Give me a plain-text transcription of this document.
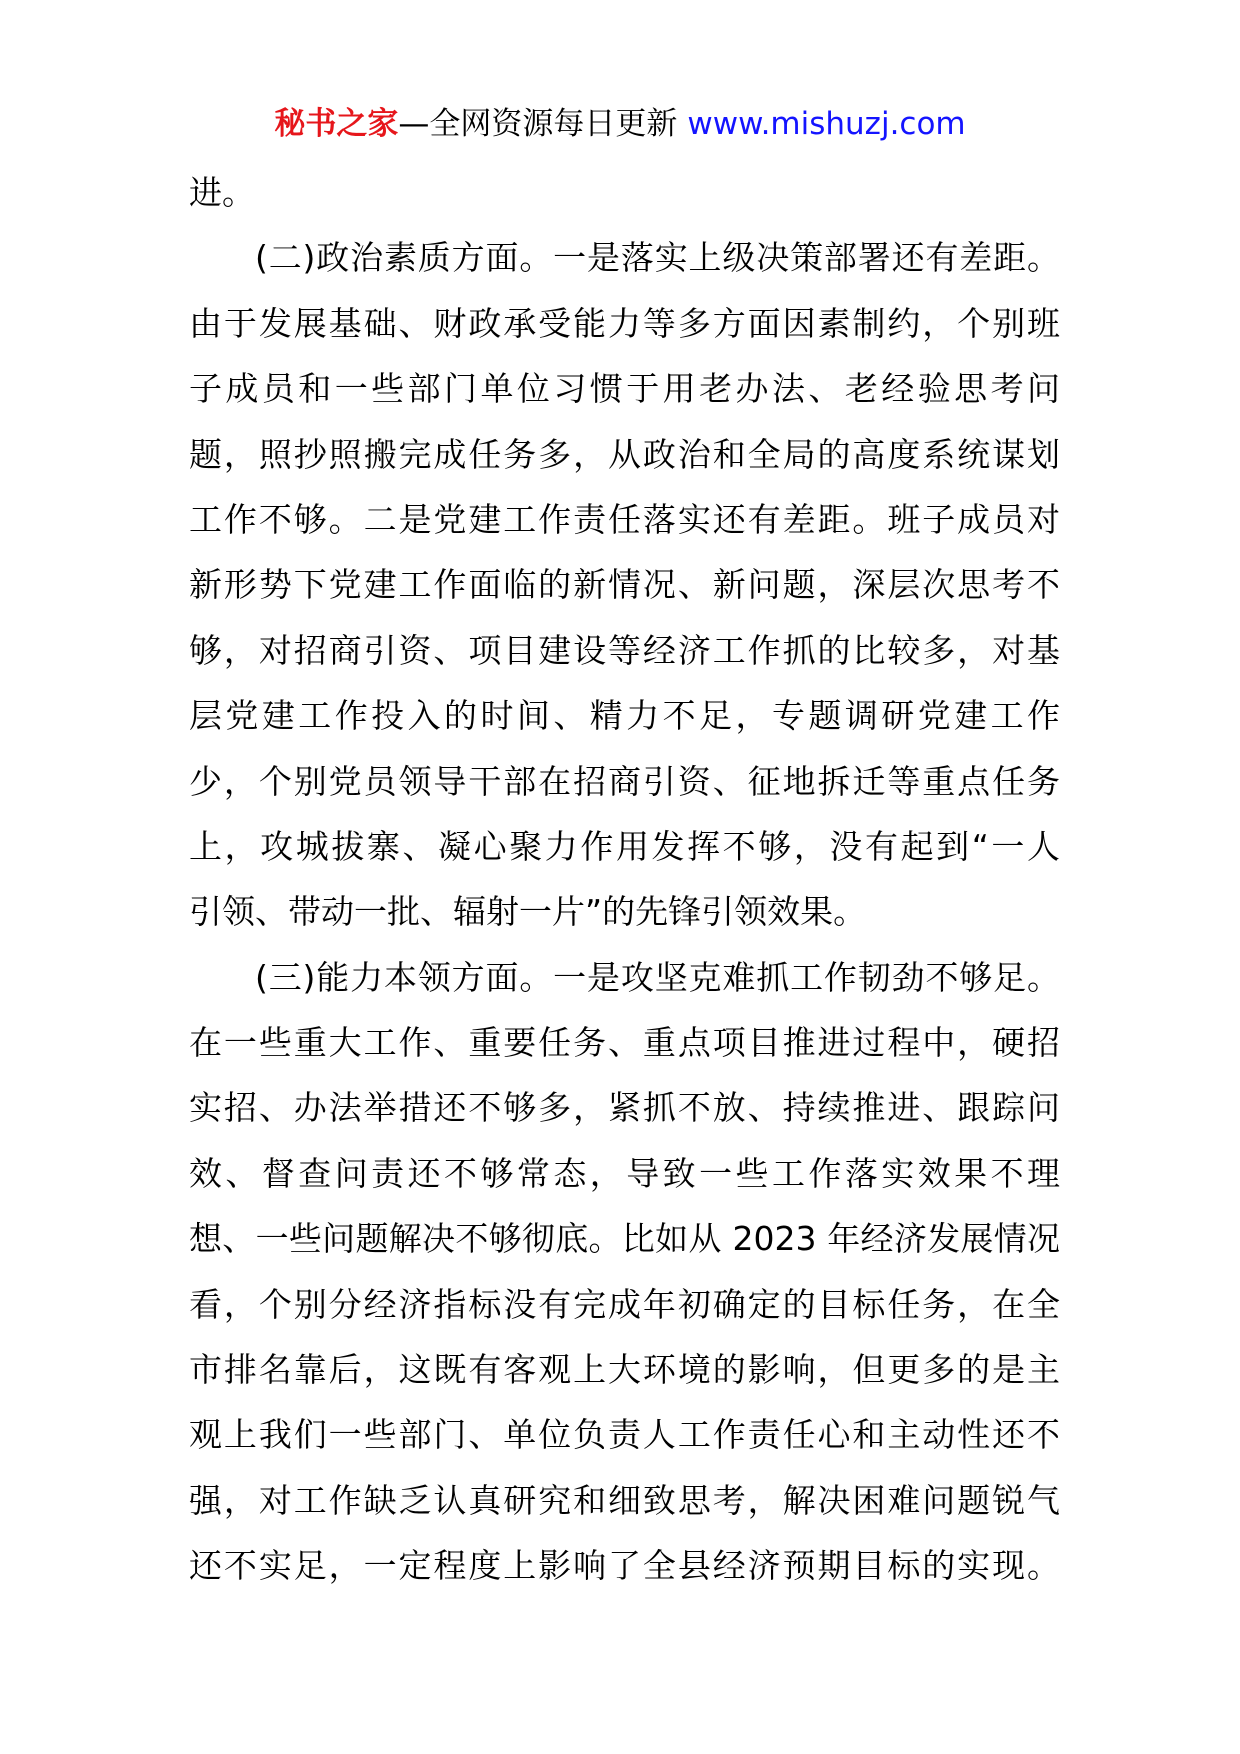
秘书之家—全网资源每日更新 www.mishuzj.com
进。
(二)政治素质方面。一是落实上级决策部署还有差距。
由于发展基础、财政承受能力等多方面因素制约，个别班
子成员和一些部门单位习惯于用老办法、老经验思考问
题，照抄照搬完成任务多，从政治和全局的高度系统谋划
工作不够。二是党建工作责任落实还有差距。班子成员对
新形势下党建工作面临的新情况、新问题，深层次思考不
够，对招商引资、项目建设等经济工作抓的比较多，对基
层党建工作投入的时间、精力不足，专题调研党建工作
少，个别党员领导干部在招商引资、征地拆迁等重点任务
上，攻城拔寨、凝心聚力作用发挥不够，没有起到“一人
引领、带动一批、辐射一片”的先锋引领效果。
(三)能力本领方面。一是攻坚克难抓工作韧劲不够足。
在一些重大工作、重要任务、重点项目推进过程中，硬招
实招、办法举措还不够多，紧抓不放、持续推进、跟踪问
效、督查问责还不够常态，导致一些工作落实效果不理
想、一些问题解决不够彻底。比如从 2023 年经济发展情况
看，个别分经济指标没有完成年初确定的目标任务，在全
市排名靠后，这既有客观上大环境的影响，但更多的是主
观上我们一些部门、单位负责人工作责任心和主动性还不
强，对工作缺乏认真研究和细致思考，解决困难问题锐气
还不实足，一定程度上影响了全县经济预期目标的实现。
